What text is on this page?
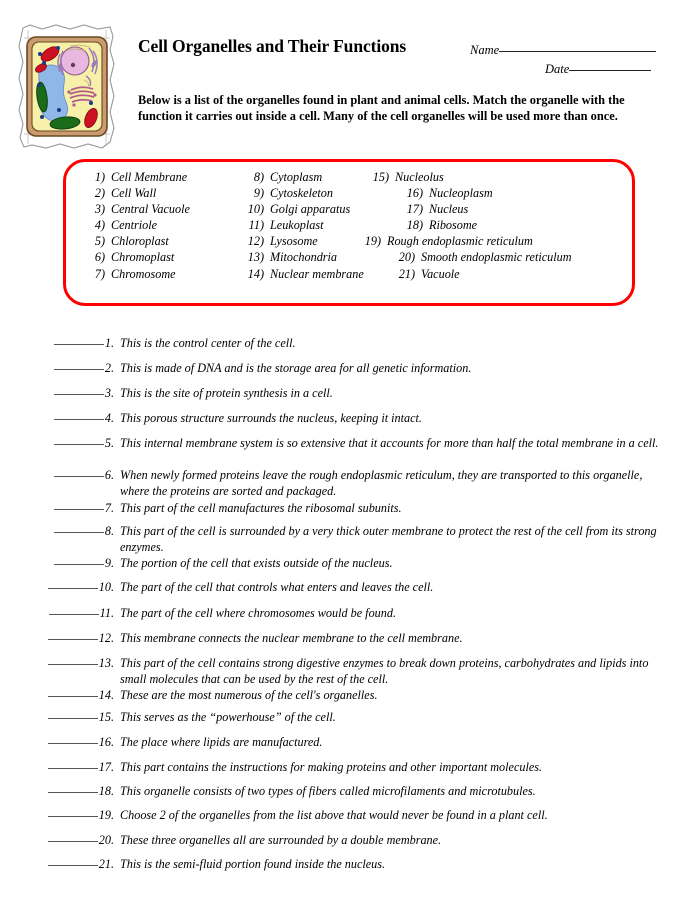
Cell Organelles and Their Functions	Name
Date
Below is a list of the organelles found in plant and animal cells. Match the organelle with the function it carries out inside a cell. Many of the cell organelles will be used more than once.
1) Cell Membrane
2) Cell Wall
3) Central Vacuole
4) Centriole
5) Chloroplast
6) Chromoplast
7) Chromosome
8) Cytoplasm
9) Cytoskeleton
10) Golgi apparatus
11) Leukoplast
12) Lysosome
13) Mitochondria
14) Nuclear membrane
15) Nucleolus
16) Nucleoplasm
17) Nucleus
18) Ribosome
19) Rough endoplasmic reticulum
20) Smooth endoplasmic reticulum
21) Vacuole
1. This is the control center of the cell.
2. This is made of DNA and is the storage area for all genetic information.
3. This is the site of protein synthesis in a cell.
4. This porous structure surrounds the nucleus, keeping it intact.
5. This internal membrane system is so extensive that it accounts for more than half the total membrane in a cell.
6. When newly formed proteins leave the rough endoplasmic reticulum, they are transported to this organelle, where the proteins are sorted and packaged.
7. This part of the cell manufactures the ribosomal subunits.
8. This part of the cell is surrounded by a very thick outer membrane to protect the rest of the cell from its strong enzymes.
9. The portion of the cell that exists outside of the nucleus.
10. The part of the cell that controls what enters and leaves the cell.
11. The part of the cell where chromosomes would be found.
12. This membrane connects the nuclear membrane to the cell membrane.
13. This part of the cell contains strong digestive enzymes to break down proteins, carbohydrates and lipids into small molecules that can be used by the rest of the cell.
14. These are the most numerous of the cell's organelles.
15. This serves as the “powerhouse” of the cell.
16. The place where lipids are manufactured.
17. This part contains the instructions for making proteins and other important molecules.
18. This organelle consists of two types of fibers called microfilaments and microtubules.
19. Choose 2 of the organelles from the list above that would never be found in a plant cell.
20. These three organelles all are surrounded by a double membrane.
21. This is the semi-fluid portion found inside the nucleus.
